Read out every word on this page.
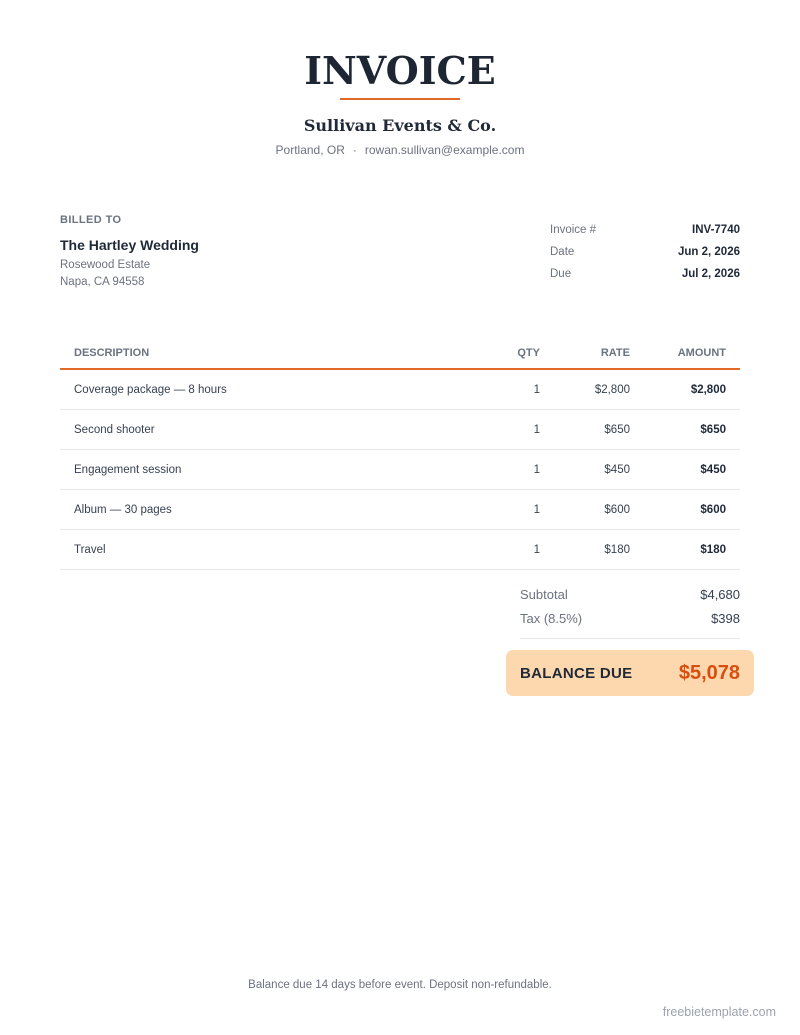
INVOICE
Sullivan Events & Co.
Portland, OR · rowan.sullivan@example.com
BILLED TO
The Hartley Wedding
Rosewood Estate
Napa, CA 94558
Invoice #	INV-7740
Date	Jun 2, 2026
Due	Jul 2, 2026
DESCRIPTION	QTY	RATE	AMOUNT
Coverage package — 8 hours	1	$2,800	$2,800
Second shooter	1	$650	$650
Engagement session	1	$450	$450
Album — 30 pages	1	$600	$600
Travel	1	$180	$180
Subtotal	$4,680
Tax (8.5%)	$398
BALANCE DUE $5,078
Balance due 14 days before event. Deposit non-refundable.
freebietemplate.com
